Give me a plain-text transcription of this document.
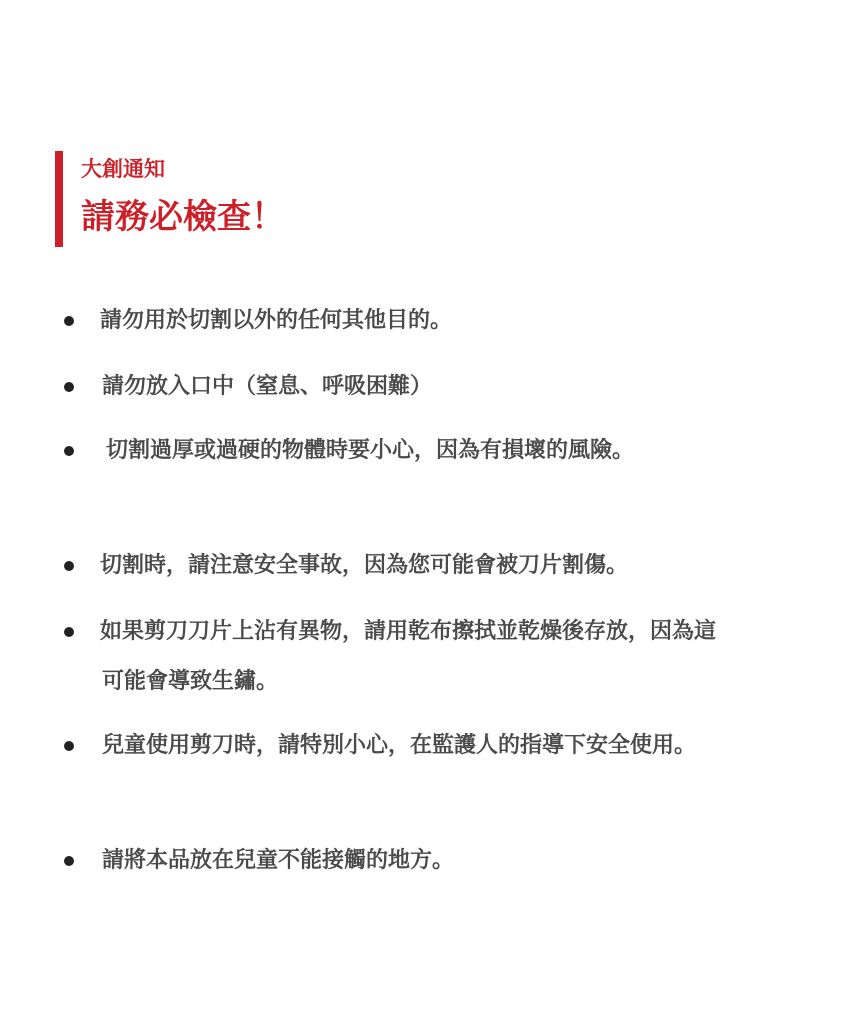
大創通知
請務必檢查！
請勿用於切割以外的任何其他目的。
請勿放入口中（窒息、呼吸困難）
切割過厚或過硬的物體時要小心，因為有損壞的風險。
切割時，請注意安全事故，因為您可能會被刀片割傷。
如果剪刀刀片上沾有異物，請用乾布擦拭並乾燥後存放，因為這
可能會導致生鏽。
兒童使用剪刀時，請特別小心，在監護人的指導下安全使用。
請將本品放在兒童不能接觸的地方。
